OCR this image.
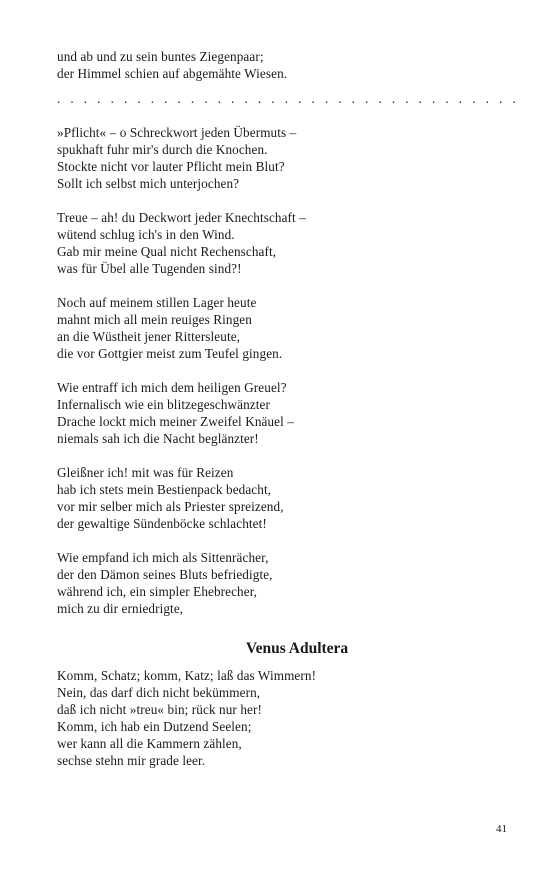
und ab und zu sein buntes Ziegenpaar;
der Himmel schien auf abgemähte Wiesen.
. . . . . . . . . . . . . . . . . . . . . . . . . . . . . . . . . . .
»Pflicht« – o Schreckwort jeden Übermuts –
spukhaft fuhr mir's durch die Knochen.
Stockte nicht vor lauter Pflicht mein Blut?
Sollt ich selbst mich unterjochen?
Treue – ah! du Deckwort jeder Knechtschaft –
wütend schlug ich's in den Wind.
Gab mir meine Qual nicht Rechenschaft,
was für Übel alle Tugenden sind?!
Noch auf meinem stillen Lager heute
mahnt mich all mein reuiges Ringen
an die Wüstheit jener Rittersleute,
die vor Gottgier meist zum Teufel gingen.
Wie entraff ich mich dem heiligen Greuel?
Infernalisch wie ein blitzegeschwänzter
Drache lockt mich meiner Zweifel Knäuel –
niemals sah ich die Nacht beglänzter!
Gleißner ich! mit was für Reizen
hab ich stets mein Bestienpack bedacht,
vor mir selber mich als Priester spreizend,
der gewaltige Sündenböcke schlachtet!
Wie empfand ich mich als Sittenrächer,
der den Dämon seines Bluts befriedigte,
während ich, ein simpler Ehebrecher,
mich zu dir erniedrigte,
Venus Adultera
Komm, Schatz; komm, Katz; laß das Wimmern!
Nein, das darf dich nicht bekümmern,
daß ich nicht »treu« bin; rück nur her!
Komm, ich hab ein Dutzend Seelen;
wer kann all die Kammern zählen,
sechse stehn mir grade leer.
41
